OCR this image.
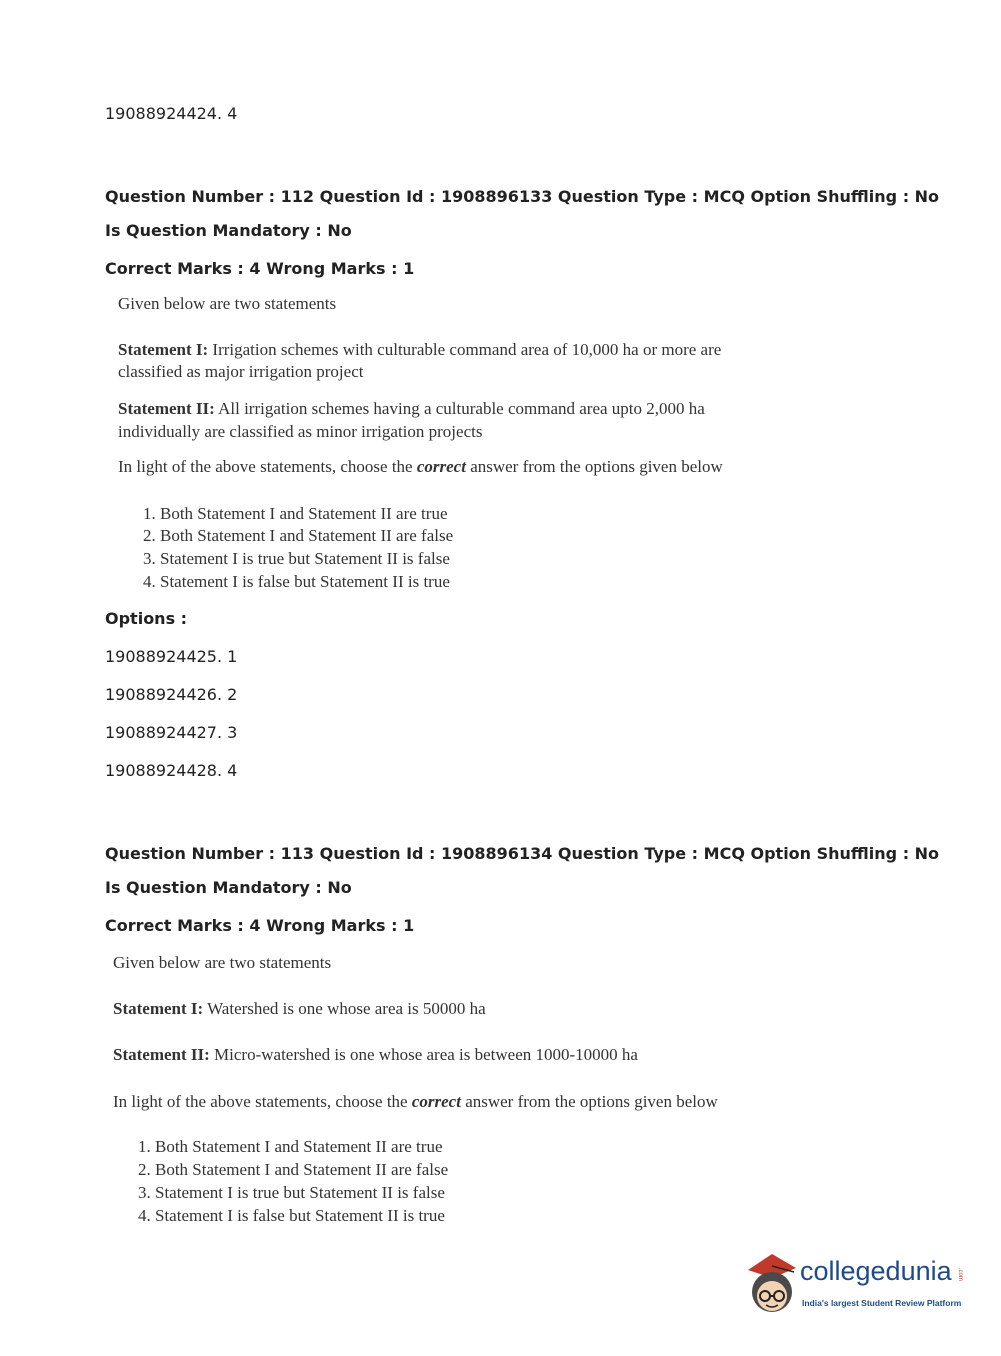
19088924424. 4
Question Number : 112 Question Id : 1908896133 Question Type : MCQ Option Shuffling : No
Is Question Mandatory : No
Correct Marks : 4 Wrong Marks : 1
Given below are two statements
Statement I: Irrigation schemes with culturable command area of 10,000 ha or more are
classified as major irrigation project
Statement II: All irrigation schemes having a culturable command area upto 2,000 ha
individually are classified as minor irrigation projects
In light of the above statements, choose the correct answer from the options given below
1. Both Statement I and Statement II are true
2. Both Statement I and Statement II are false
3. Statement I is true but Statement II is false
4. Statement I is false but Statement II is true
Options :
19088924425. 1
19088924426. 2
19088924427. 3
19088924428. 4
Question Number : 113 Question Id : 1908896134 Question Type : MCQ Option Shuffling : No
Is Question Mandatory : No
Correct Marks : 4 Wrong Marks : 1
Given below are two statements
Statement I: Watershed is one whose area is 50000 ha
Statement II: Micro-watershed is one whose area is between 1000-10000 ha
In light of the above statements, choose the correct answer from the options given below
1. Both Statement I and Statement II are true
2. Both Statement I and Statement II are false
3. Statement I is true but Statement II is false
4. Statement I is false but Statement II is true
collegedunia .com
India's largest Student Review Platform
